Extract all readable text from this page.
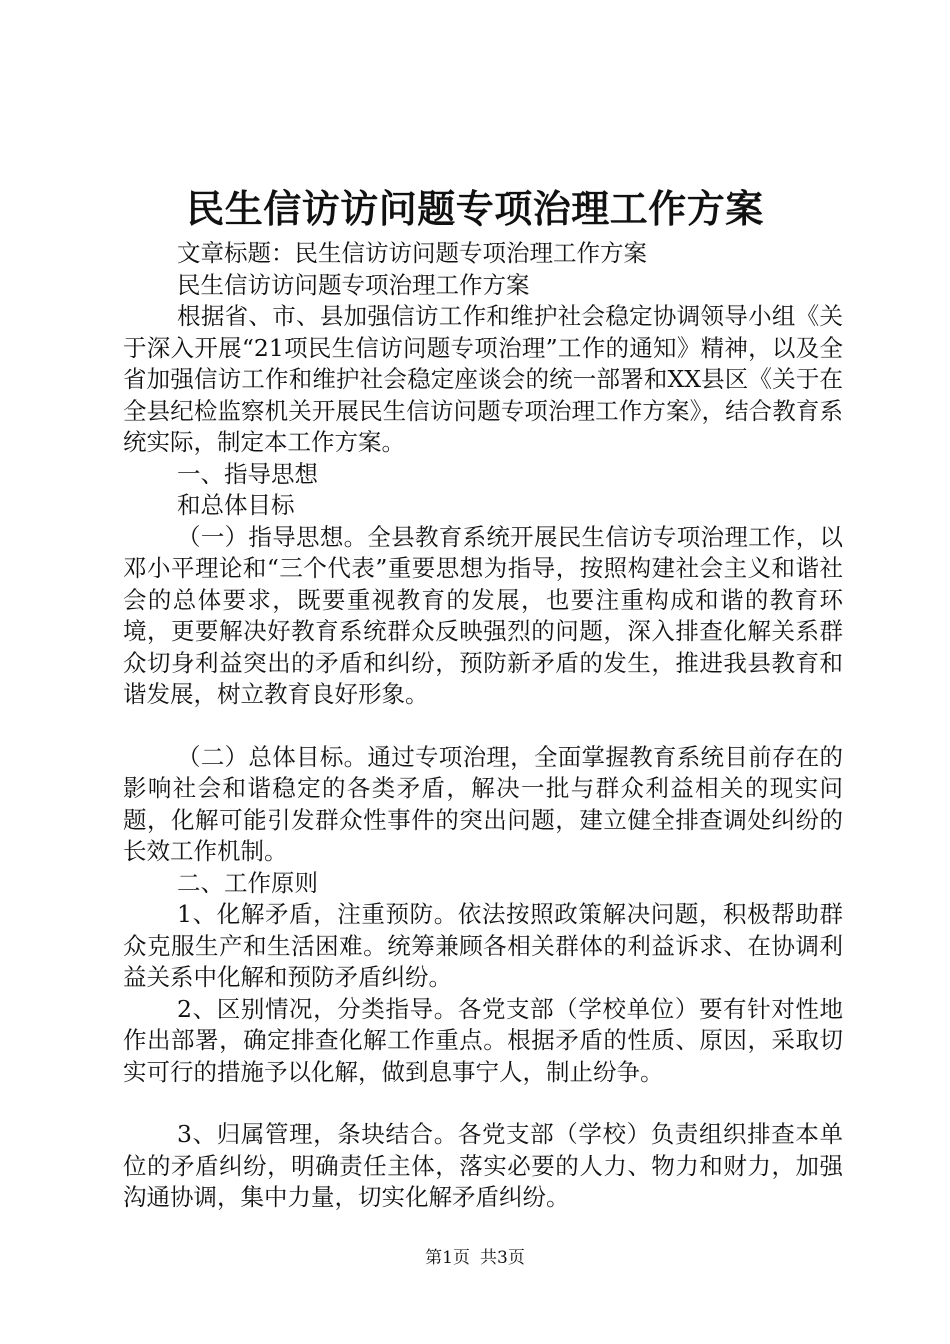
民生信访访问题专项治理工作方案

文章标题：民生信访访问题专项治理工作方案

民生信访访问题专项治理工作方案

根据省、市、县加强信访工作和维护社会稳定协调领导小组《关于深入开展“21项民生信访问题专项治理”工作的通知》精神，以及全省加强信访工作和维护社会稳定座谈会的统一部署和XX县区《关于在全县纪检监察机关开展民生信访问题专项治理工作方案》，结合教育系统实际，制定本工作方案。

一、指导思想

和总体目标

（一）指导思想。全县教育系统开展民生信访专项治理工作，以邓小平理论和“三个代表”重要思想为指导，按照构建社会主义和谐社会的总体要求，既要重视教育的发展，也要注重构成和谐的教育环境，更要解决好教育系统群众反映强烈的问题，深入排查化解关系群众切身利益突出的矛盾和纠纷，预防新矛盾的发生，推进我县教育和谐发展，树立教育良好形象。

（二）总体目标。通过专项治理，全面掌握教育系统目前存在的影响社会和谐稳定的各类矛盾，解决一批与群众利益相关的现实问题，化解可能引发群众性事件的突出问题，建立健全排查调处纠纷的长效工作机制。

二、工作原则

1、化解矛盾，注重预防。依法按照政策解决问题，积极帮助群众克服生产和生活困难。统筹兼顾各相关群体的利益诉求、在协调利益关系中化解和预防矛盾纠纷。

2、区别情况，分类指导。各党支部（学校单位）要有针对性地作出部署，确定排查化解工作重点。根据矛盾的性质、原因，采取切实可行的措施予以化解，做到息事宁人，制止纷争。

3、归属管理，条块结合。各党支部（学校）负责组织排查本单位的矛盾纠纷，明确责任主体，落实必要的人力、物力和财力，加强沟通协调，集中力量，切实化解矛盾纠纷。

第1页 共3页
